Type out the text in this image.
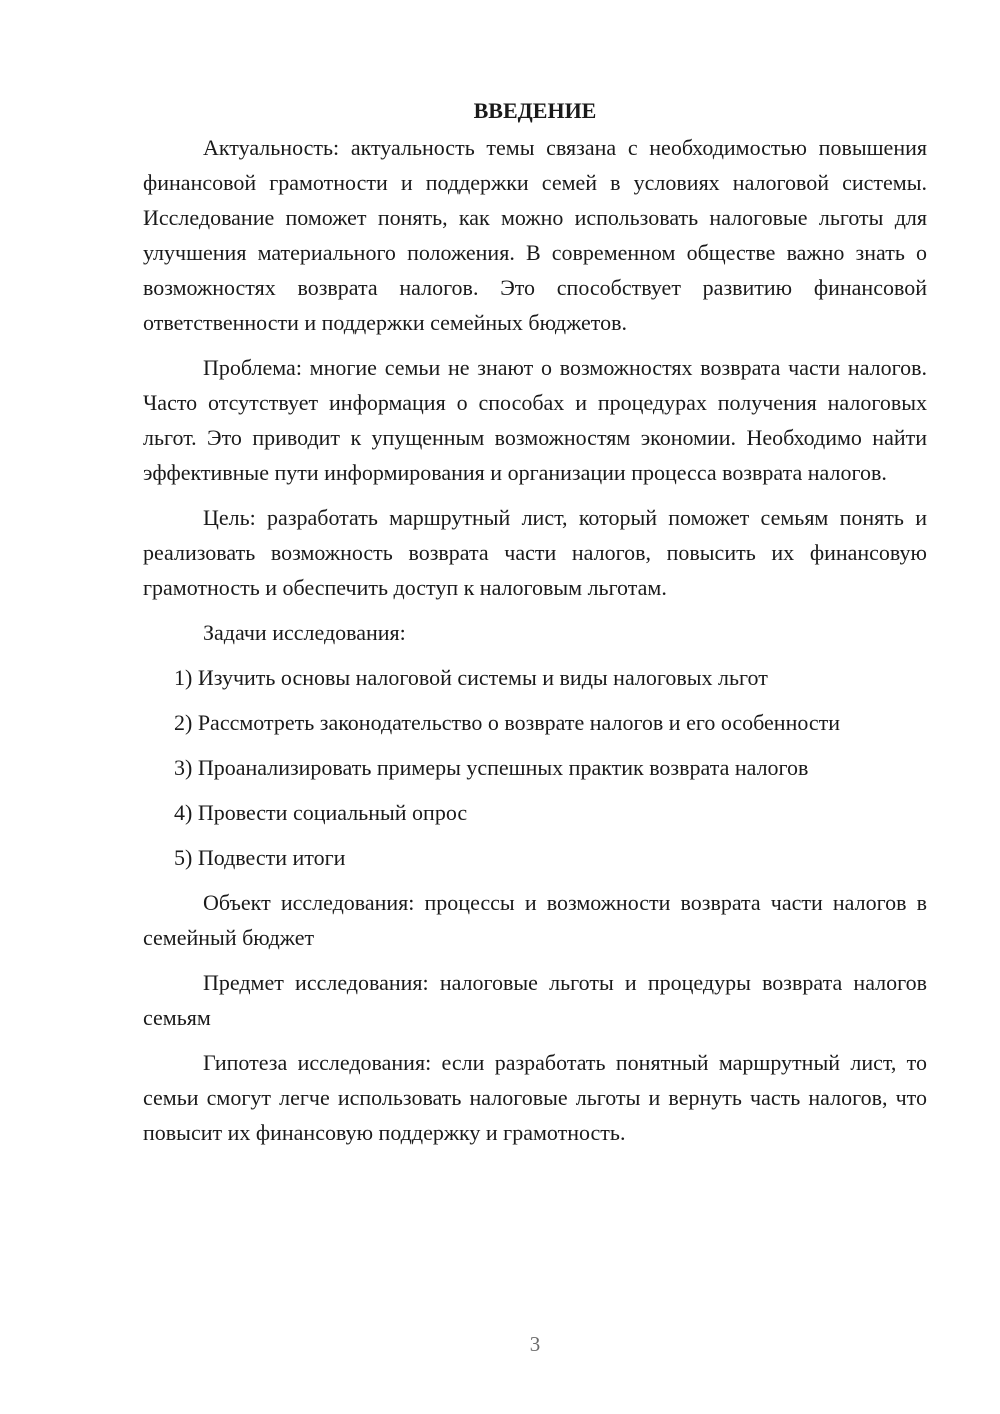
ВВЕДЕНИЕ

Актуальность: актуальность темы связана с необходимостью повышения финансовой грамотности и поддержки семей в условиях налоговой системы. Исследование поможет понять, как можно использовать налоговые льготы для улучшения материального положения. В современном обществе важно знать о возможностях возврата налогов. Это способствует развитию финансовой ответственности и поддержки семейных бюджетов.

Проблема: многие семьи не знают о возможностях возврата части налогов. Часто отсутствует информация о способах и процедурах получения налоговых льгот. Это приводит к упущенным возможностям экономии. Необходимо найти эффективные пути информирования и организации процесса возврата налогов.

Цель: разработать маршрутный лист, который поможет семьям понять и реализовать возможность возврата части налогов, повысить их финансовую грамотность и обеспечить доступ к налоговым льготам.

Задачи исследования:

1) Изучить основы налоговой системы и виды налоговых льгот

2) Рассмотреть законодательство о возврате налогов и его особенности

3) Проанализировать примеры успешных практик возврата налогов

4) Провести социальный опрос

5) Подвести итоги

Объект исследования: процессы и возможности возврата части налогов в семейный бюджет

Предмет исследования: налоговые льготы и процедуры возврата налогов семьям

Гипотеза исследования: если разработать понятный маршрутный лист, то семьи смогут легче использовать налоговые льготы и вернуть часть налогов, что повысит их финансовую поддержку и грамотность.

3
